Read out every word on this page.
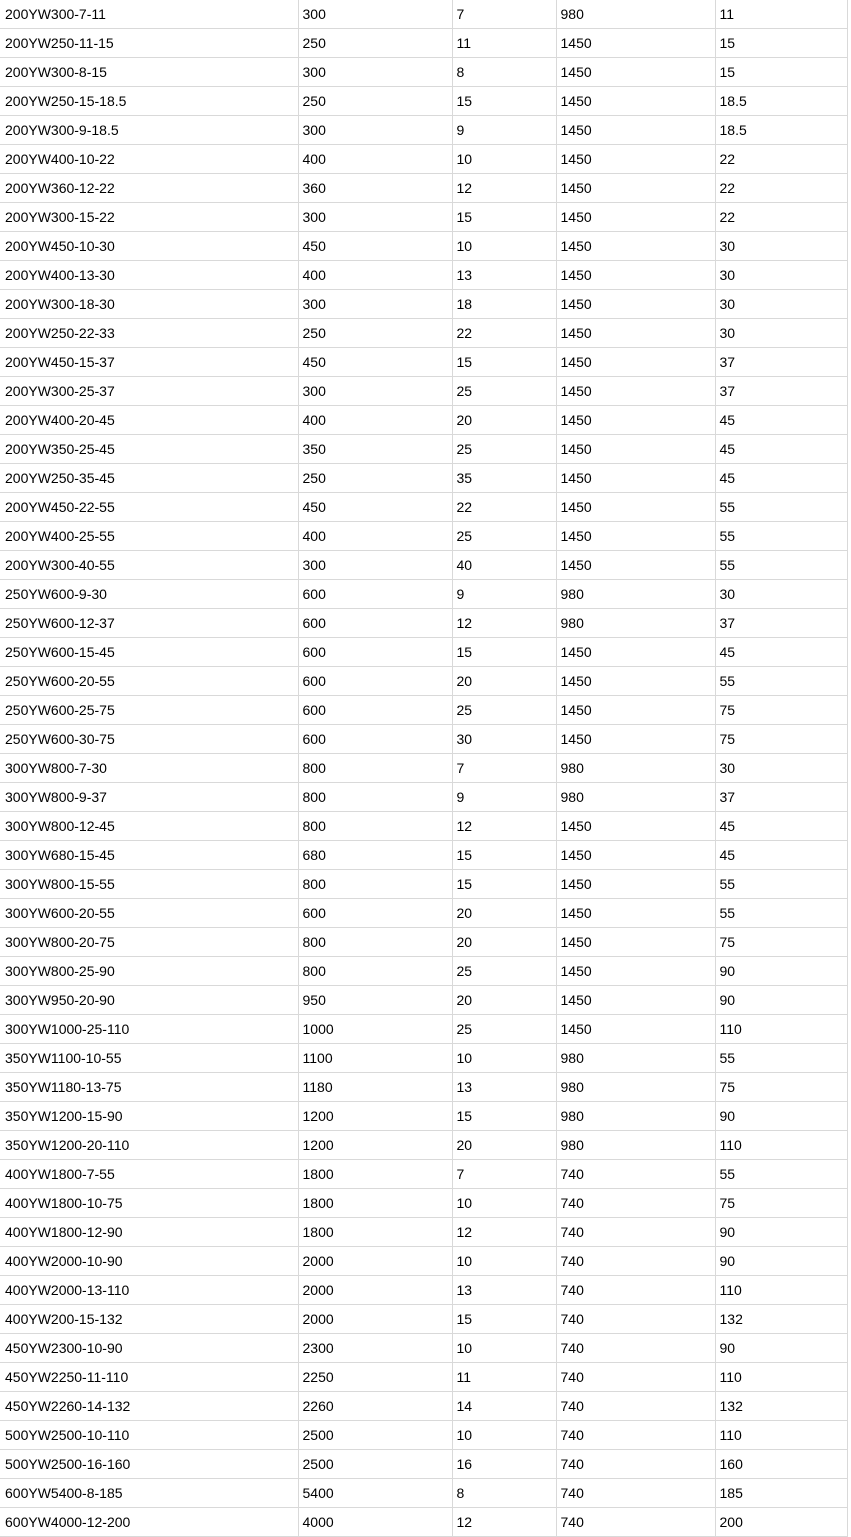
200YW300-7-11	300	7	980	11
200YW250-11-15	250	11	1450	15
200YW300-8-15	300	8	1450	15
200YW250-15-18.5	250	15	1450	18.5
200YW300-9-18.5	300	9	1450	18.5
200YW400-10-22	400	10	1450	22
200YW360-12-22	360	12	1450	22
200YW300-15-22	300	15	1450	22
200YW450-10-30	450	10	1450	30
200YW400-13-30	400	13	1450	30
200YW300-18-30	300	18	1450	30
200YW250-22-33	250	22	1450	30
200YW450-15-37	450	15	1450	37
200YW300-25-37	300	25	1450	37
200YW400-20-45	400	20	1450	45
200YW350-25-45	350	25	1450	45
200YW250-35-45	250	35	1450	45
200YW450-22-55	450	22	1450	55
200YW400-25-55	400	25	1450	55
200YW300-40-55	300	40	1450	55
250YW600-9-30	600	9	980	30
250YW600-12-37	600	12	980	37
250YW600-15-45	600	15	1450	45
250YW600-20-55	600	20	1450	55
250YW600-25-75	600	25	1450	75
250YW600-30-75	600	30	1450	75
300YW800-7-30	800	7	980	30
300YW800-9-37	800	9	980	37
300YW800-12-45	800	12	1450	45
300YW680-15-45	680	15	1450	45
300YW800-15-55	800	15	1450	55
300YW600-20-55	600	20	1450	55
300YW800-20-75	800	20	1450	75
300YW800-25-90	800	25	1450	90
300YW950-20-90	950	20	1450	90
300YW1000-25-110	1000	25	1450	110
350YW1100-10-55	1100	10	980	55
350YW1180-13-75	1180	13	980	75
350YW1200-15-90	1200	15	980	90
350YW1200-20-110	1200	20	980	110
400YW1800-7-55	1800	7	740	55
400YW1800-10-75	1800	10	740	75
400YW1800-12-90	1800	12	740	90
400YW2000-10-90	2000	10	740	90
400YW2000-13-110	2000	13	740	110
400YW200-15-132	2000	15	740	132
450YW2300-10-90	2300	10	740	90
450YW2250-11-110	2250	11	740	110
450YW2260-14-132	2260	14	740	132
500YW2500-10-110	2500	10	740	110
500YW2500-16-160	2500	16	740	160
600YW5400-8-185	5400	8	740	185
600YW4000-12-200	4000	12	740	200
